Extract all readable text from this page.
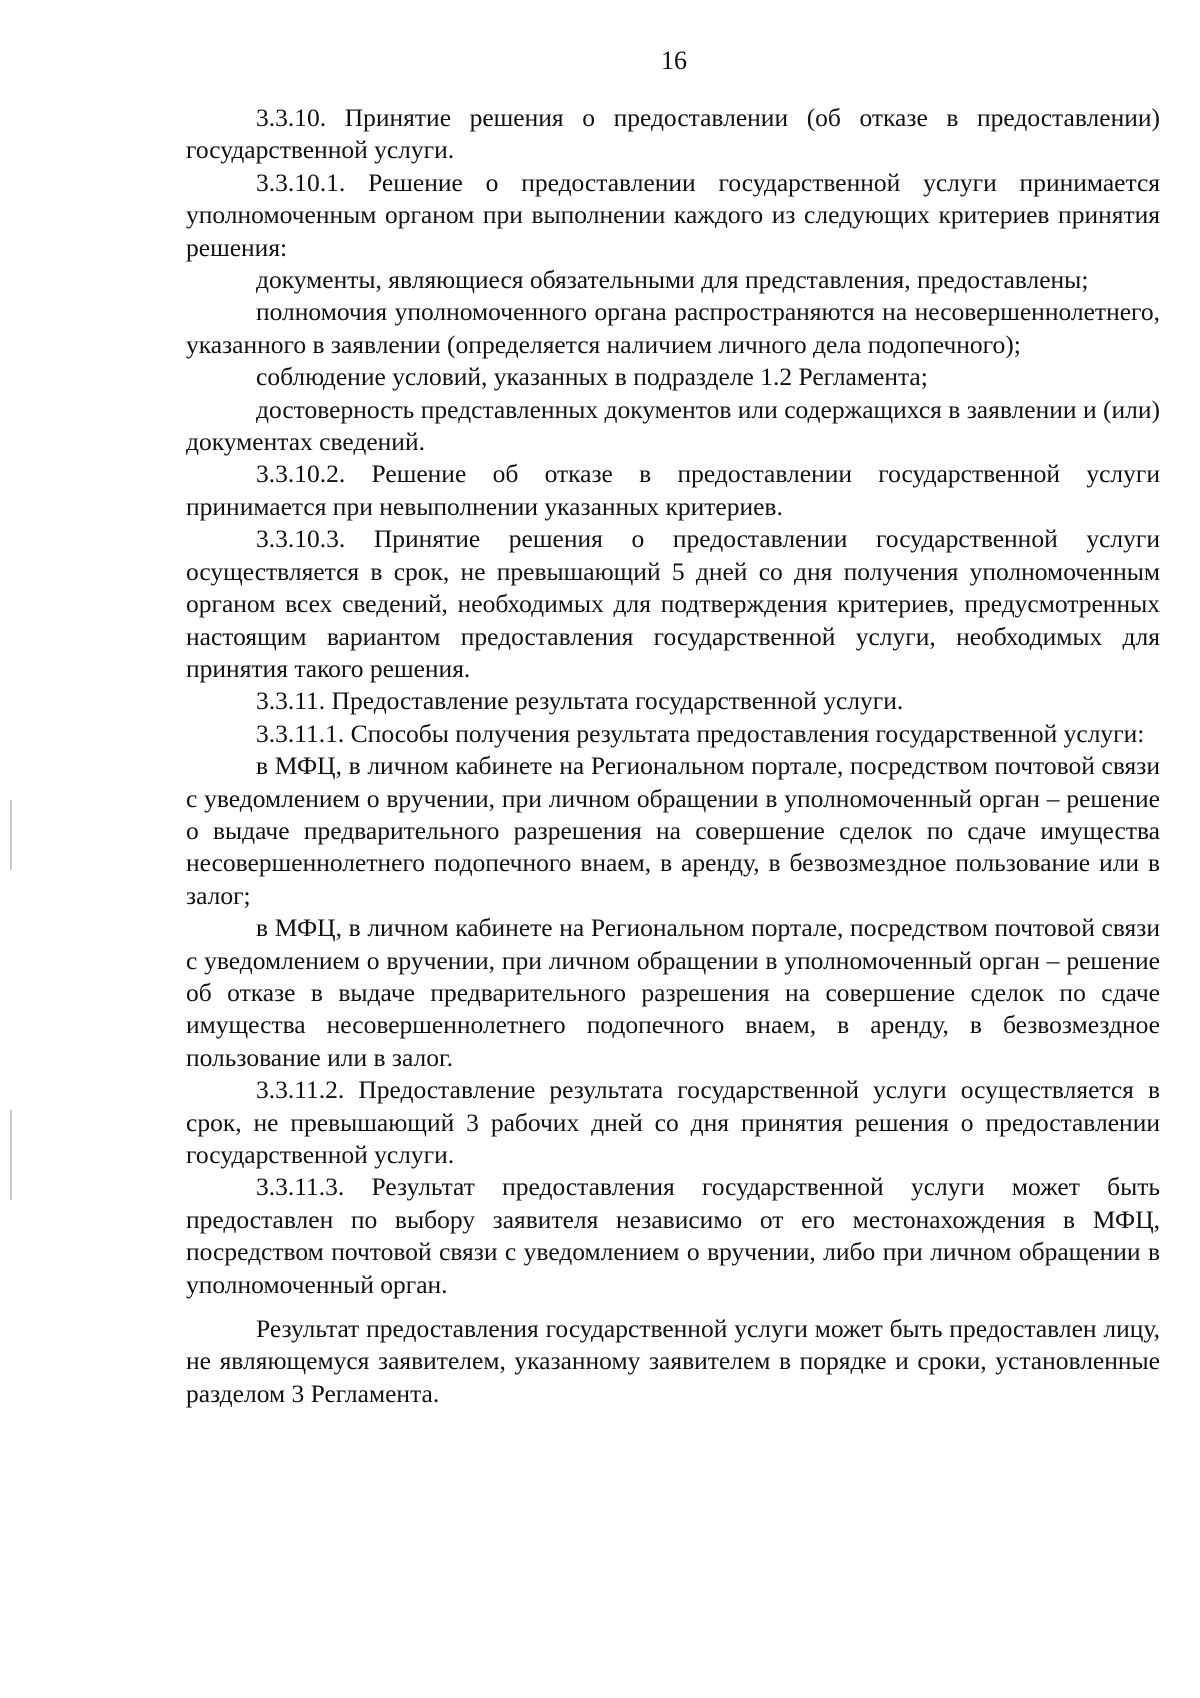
16

3.3.10. Принятие решения о предоставлении (об отказе в предоставлении) государственной услуги.

3.3.10.1. Решение о предоставлении государственной услуги принимается уполномоченным органом при выполнении каждого из следующих критериев принятия решения:

документы, являющиеся обязательными для представления, предоставлены;

полномочия уполномоченного органа распространяются на несовершеннолетнего, указанного в заявлении (определяется наличием личного дела подопечного);

соблюдение условий, указанных в подразделе 1.2 Регламента;

достоверность представленных документов или содержащихся в заявлении и (или) документах сведений.

3.3.10.2. Решение об отказе в предоставлении государственной услуги принимается при невыполнении указанных критериев.

3.3.10.3. Принятие решения о предоставлении государственной услуги осуществляется в срок, не превышающий 5 дней со дня получения уполномоченным органом всех сведений, необходимых для подтверждения критериев, предусмотренных настоящим вариантом предоставления государственной услуги, необходимых для принятия такого решения.

3.3.11. Предоставление результата государственной услуги.

3.3.11.1. Способы получения результата предоставления государственной услуги:

в МФЦ, в личном кабинете на Региональном портале, посредством почтовой связи с уведомлением о вручении, при личном обращении в уполномоченный орган – решение о выдаче предварительного разрешения на совершение сделок по сдаче имущества несовершеннолетнего подопечного внаем, в аренду, в безвозмездное пользование или в залог;

в МФЦ, в личном кабинете на Региональном портале, посредством почтовой связи с уведомлением о вручении, при личном обращении в уполномоченный орган – решение об отказе в выдаче предварительного разрешения на совершение сделок по сдаче имущества несовершеннолетнего подопечного внаем, в аренду, в безвозмездное пользование или в залог.

3.3.11.2. Предоставление результата государственной услуги осуществляется в срок, не превышающий 3 рабочих дней со дня принятия решения о предоставлении государственной услуги.

3.3.11.3. Результат предоставления государственной услуги может быть предоставлен по выбору заявителя независимо от его местонахождения в МФЦ, посредством почтовой связи с уведомлением о вручении, либо при личном обращении в уполномоченный орган.

Результат предоставления государственной услуги может быть предоставлен лицу, не являющемуся заявителем, указанному заявителем в порядке и сроки, установленные разделом 3 Регламента.
